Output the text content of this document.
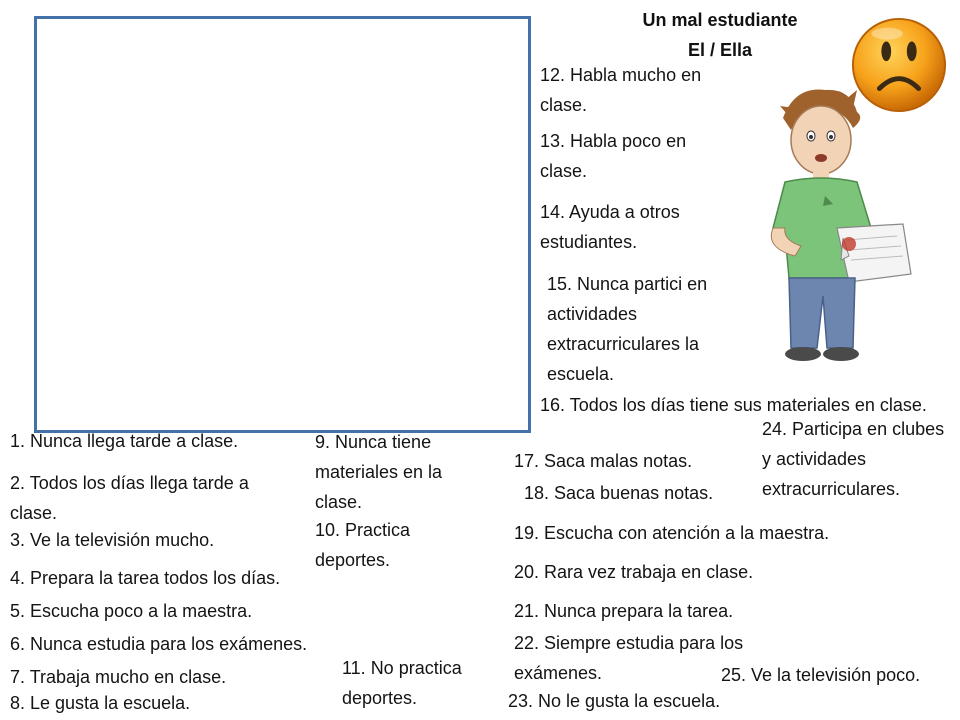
Un mal estudiante
El / Ella
12. Habla mucho en clase.
13. Habla poco en clase.
14. Ayuda a otros estudiantes.
15. Nunca partici en actividades extracurriculares la escuela.
16. Todos los días tiene sus materiales en clase.
24. Participa en clubes y actividades extracurriculares.
17. Saca malas notas.
18. Saca buenas notas.
19. Escucha con atención a la maestra.
20. Rara vez trabaja en clase.
21. Nunca prepara la tarea.
22. Siempre estudia para los exámenes.	25. Ve la televisión poco.
23. No le gusta la escuela.
1. Nunca llega tarde a clase.
2. Todos los días llega tarde a clase.
3. Ve la televisión mucho.
4. Prepara la tarea todos los días.
5. Escucha poco a la maestra.
6. Nunca estudia para los exámenes.
7. Trabaja mucho en clase.
8. Le gusta la escuela.
9. Nunca tiene materiales en la clase.
10. Practica deportes.
11. No practica deportes.
